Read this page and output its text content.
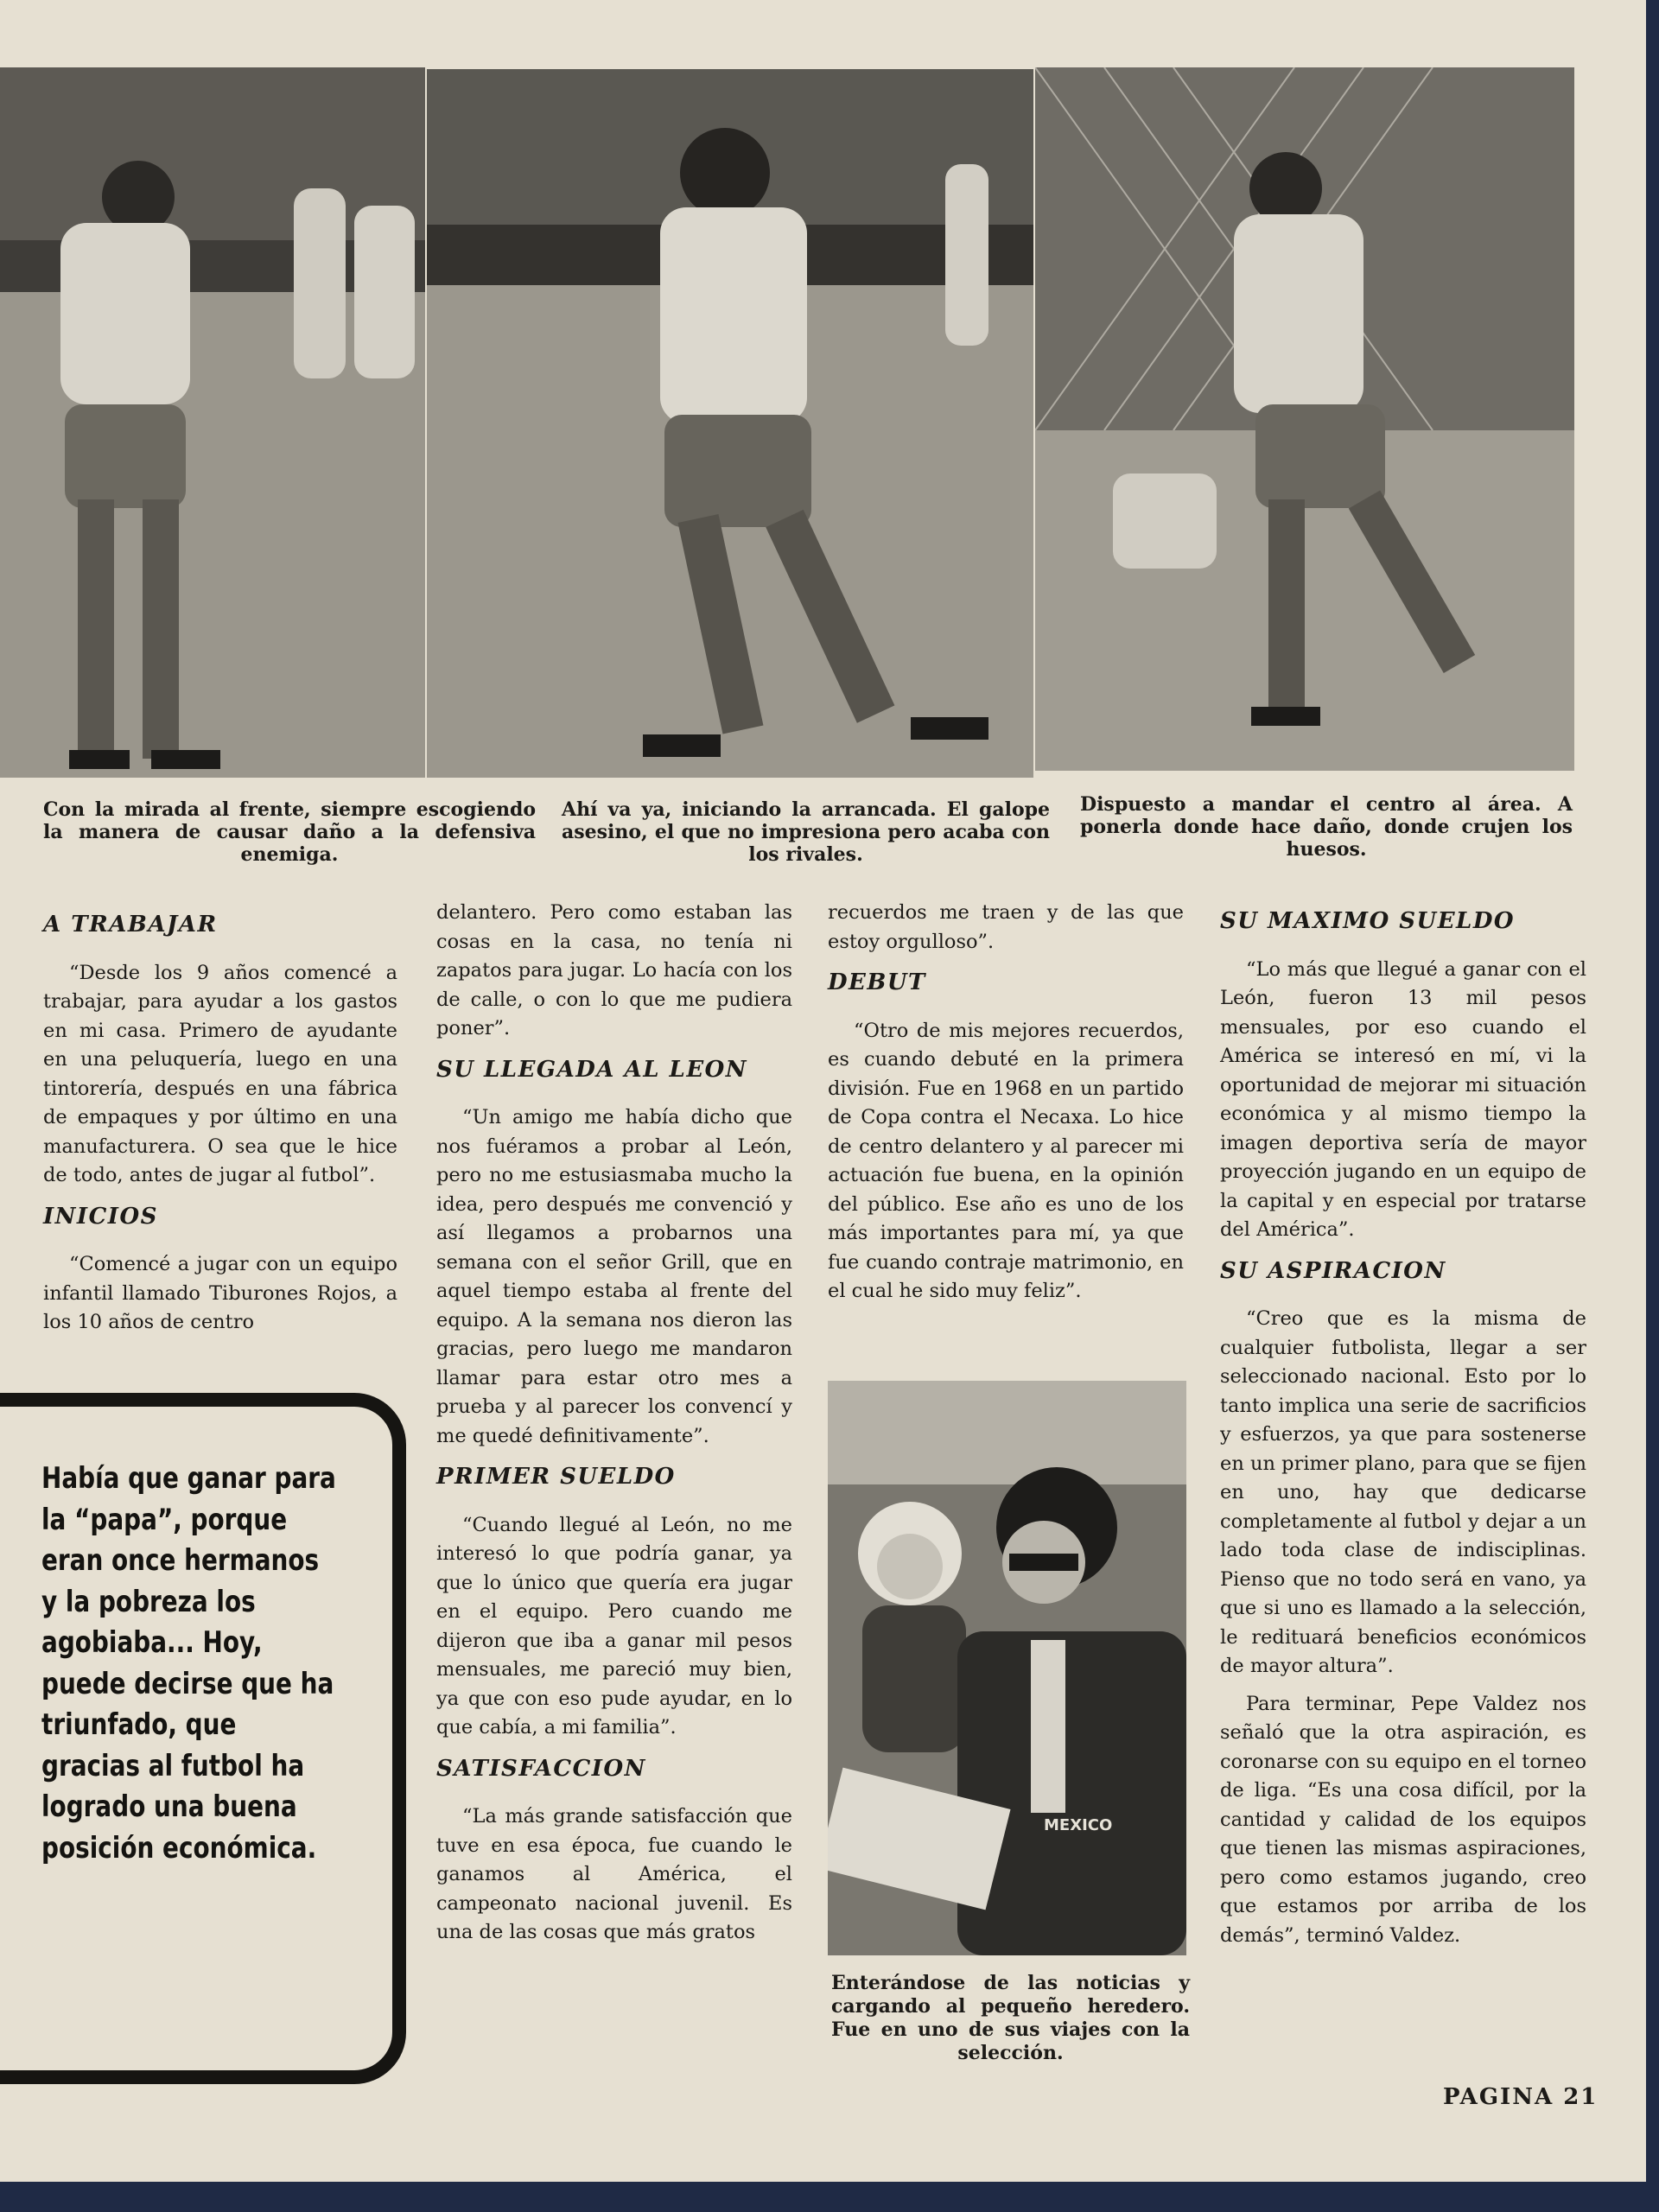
Con la mirada al frente, siempre escogiendo la manera de causar daño a la defensiva enemiga.
Ahí va ya, iniciando la arrancada. El galope asesino, el que no impresiona pero acaba con los rivales.
Dispuesto a mandar el centro al área. A ponerla donde hace daño, donde crujen los huesos.
A TRABAJAR

“Desde los 9 años comencé a trabajar, para ayudar a los gastos en mi casa. Primero de ayudante en una peluquería, luego en una tintorería, después en una fábrica de empaques y por último en una manufacturera. O sea que le hice de todo, antes de jugar al futbol”.

INICIOS

“Comencé a jugar con un equipo infantil llamado Tiburones Rojos, a los 10 años de centro

Había que ganar para la “papa”, porque eran once hermanos y la pobreza los agobiaba... Hoy, puede decirse que ha triunfado, que gracias al futbol ha logrado una buena posición económica.

delantero. Pero como estaban las cosas en la casa, no tenía ni zapatos para jugar. Lo hacía con los de calle, o con lo que me pudiera poner”.

SU LLEGADA AL LEON

“Un amigo me había dicho que nos fuéramos a probar al León, pero no me estusiasmaba mucho la idea, pero después me convenció y así llegamos a probarnos una semana con el señor Grill, que en aquel tiempo estaba al frente del equipo. A la semana nos dieron las gracias, pero luego me mandaron llamar para estar otro mes a prueba y al parecer los convencí y me quedé definitivamente”.

PRIMER SUELDO

“Cuando llegué al León, no me interesó lo que podría ganar, ya que lo único que quería era jugar en el equipo. Pero cuando me dijeron que iba a ganar mil pesos mensuales, me pareció muy bien, ya que con eso pude ayudar, en lo que cabía, a mi familia”.

SATISFACCION

“La más grande satisfacción que tuve en esa época, fue cuando le ganamos al América, el campeonato nacional juvenil. Es una de las cosas que más gratos

recuerdos me traen y de las que estoy orgulloso”.

DEBUT

“Otro de mis mejores recuerdos, es cuando debuté en la primera división. Fue en 1968 en un partido de Copa contra el Necaxa. Lo hice de centro delantero y al parecer mi actuación fue buena, en la opinión del público. Ese año es uno de los más importantes para mí, ya que fue cuando contraje matrimonio, en el cual he sido muy feliz”.

MEXICO
Enterándose de las noticias y cargando al pequeño heredero. Fue en uno de sus viajes con la selección.
SU MAXIMO SUELDO

“Lo más que llegué a ganar con el León, fueron 13 mil pesos mensuales, por eso cuando el América se interesó en mí, vi la oportunidad de mejorar mi situación económica y al mismo tiempo la imagen deportiva sería de mayor proyección jugando en un equipo de la capital y en especial por tratarse del América”.

SU ASPIRACION

“Creo que es la misma de cualquier futbolista, llegar a ser seleccionado nacional. Esto por lo tanto implica una serie de sacrificios y esfuerzos, ya que para sostenerse en un primer plano, para que se fijen en uno, hay que dedicarse completamente al futbol y dejar a un lado toda clase de indisciplinas. Pienso que no todo será en vano, ya que si uno es llamado a la selección, le redituará beneficios económicos de mayor altura”.

Para terminar, Pepe Valdez nos señaló que la otra aspiración, es coronarse con su equipo en el torneo de liga. “Es una cosa difícil, por la cantidad y calidad de los equipos que tienen las mismas aspiraciones, pero como estamos jugando, creo que estamos por arriba de los demás”, terminó Valdez.

PAGINA 21
